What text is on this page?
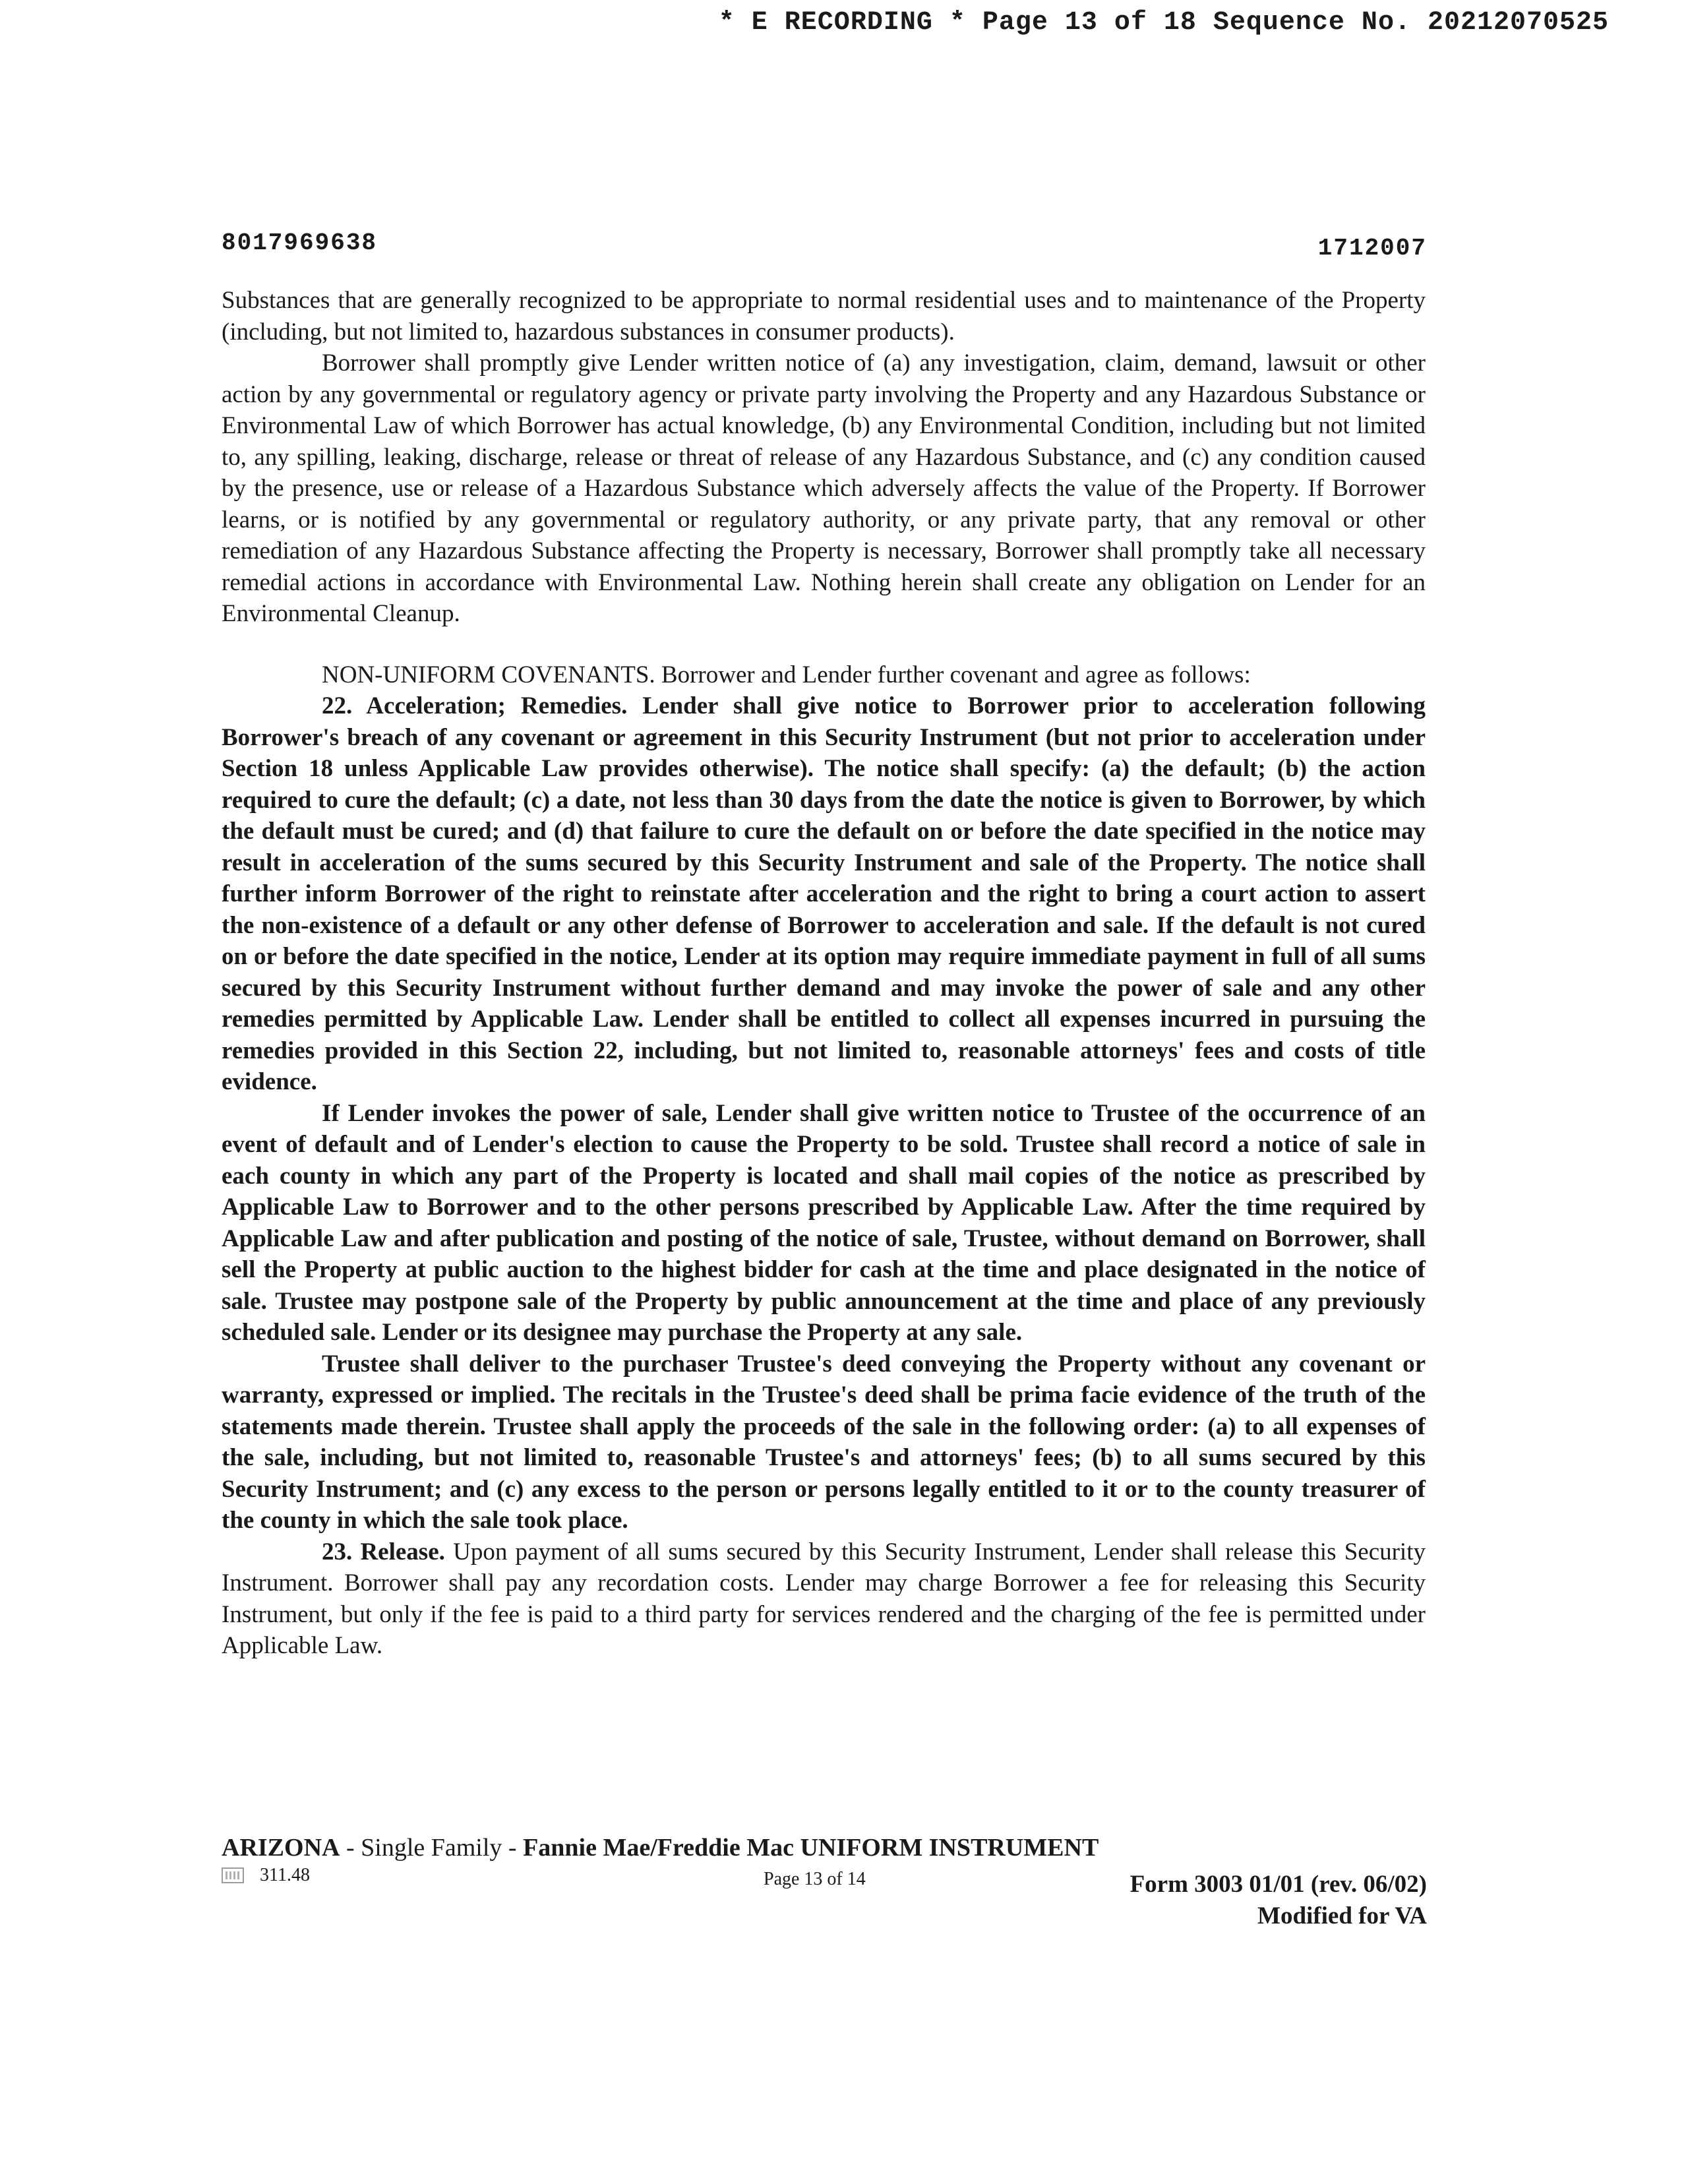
* E RECORDING * Page 13 of 18 Sequence No. 20212070525
8017969638	1712007

Substances that are generally recognized to be appropriate to normal residential uses and to maintenance of the Property (including, but not limited to, hazardous substances in consumer products).

Borrower shall promptly give Lender written notice of (a) any investigation, claim, demand, lawsuit or other action by any governmental or regulatory agency or private party involving the Property and any Hazardous Substance or Environmental Law of which Borrower has actual knowledge, (b) any Environmental Condition, including but not limited to, any spilling, leaking, discharge, release or threat of release of any Hazardous Substance, and (c) any condition caused by the presence, use or release of a Hazardous Substance which adversely affects the value of the Property. If Borrower learns, or is notified by any governmental or regulatory authority, or any private party, that any removal or other remediation of any Hazardous Substance affecting the Property is necessary, Borrower shall promptly take all necessary remedial actions in accordance with Environmental Law. Nothing herein shall create any obligation on Lender for an Environmental Cleanup.

NON-UNIFORM COVENANTS. Borrower and Lender further covenant and agree as follows:

22. Acceleration; Remedies. Lender shall give notice to Borrower prior to acceleration following Borrower's breach of any covenant or agreement in this Security Instrument (but not prior to acceleration under Section 18 unless Applicable Law provides otherwise). The notice shall specify: (a) the default; (b) the action required to cure the default; (c) a date, not less than 30 days from the date the notice is given to Borrower, by which the default must be cured; and (d) that failure to cure the default on or before the date specified in the notice may result in acceleration of the sums secured by this Security Instrument and sale of the Property. The notice shall further inform Borrower of the right to reinstate after acceleration and the right to bring a court action to assert the non-existence of a default or any other defense of Borrower to acceleration and sale. If the default is not cured on or before the date specified in the notice, Lender at its option may require immediate payment in full of all sums secured by this Security Instrument without further demand and may invoke the power of sale and any other remedies permitted by Applicable Law. Lender shall be entitled to collect all expenses incurred in pursuing the remedies provided in this Section 22, including, but not limited to, reasonable attorneys' fees and costs of title evidence.

If Lender invokes the power of sale, Lender shall give written notice to Trustee of the occurrence of an event of default and of Lender's election to cause the Property to be sold. Trustee shall record a notice of sale in each county in which any part of the Property is located and shall mail copies of the notice as prescribed by Applicable Law to Borrower and to the other persons prescribed by Applicable Law. After the time required by Applicable Law and after publication and posting of the notice of sale, Trustee, without demand on Borrower, shall sell the Property at public auction to the highest bidder for cash at the time and place designated in the notice of sale. Trustee may postpone sale of the Property by public announcement at the time and place of any previously scheduled sale. Lender or its designee may purchase the Property at any sale.

Trustee shall deliver to the purchaser Trustee's deed conveying the Property without any covenant or warranty, expressed or implied. The recitals in the Trustee's deed shall be prima facie evidence of the truth of the statements made therein. Trustee shall apply the proceeds of the sale in the following order: (a) to all expenses of the sale, including, but not limited to, reasonable Trustee's and attorneys' fees; (b) to all sums secured by this Security Instrument; and (c) any excess to the person or persons legally entitled to it or to the county treasurer of the county in which the sale took place.

23. Release. Upon payment of all sums secured by this Security Instrument, Lender shall release this Security Instrument. Borrower shall pay any recordation costs. Lender may charge Borrower a fee for releasing this Security Instrument, but only if the fee is paid to a third party for services rendered and the charging of the fee is permitted under Applicable Law.

ARIZONA - Single Family - Fannie Mae/Freddie Mac UNIFORM INSTRUMENT
311.48	Page 13 of 14	Form 3003 01/01 (rev. 06/02)
Modified for VA
